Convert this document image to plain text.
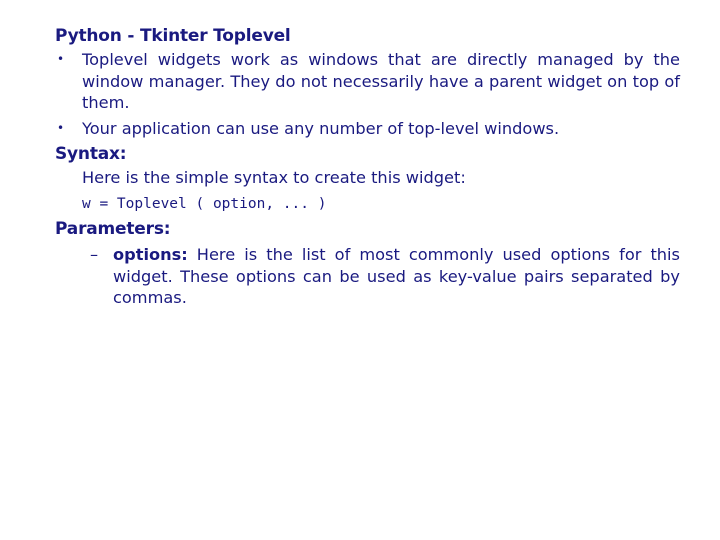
Python - Tkinter Toplevel
• Toplevel widgets work as windows that are directly managed by the window manager. They do not necessarily have a parent widget on top of them.
• Your application can use any number of top-level windows.
Syntax:
Here is the simple syntax to create this widget:
w = Toplevel ( option, ... )
Parameters:
– options: Here is the list of most commonly used options for this widget. These options can be used as key-value pairs separated by commas.
